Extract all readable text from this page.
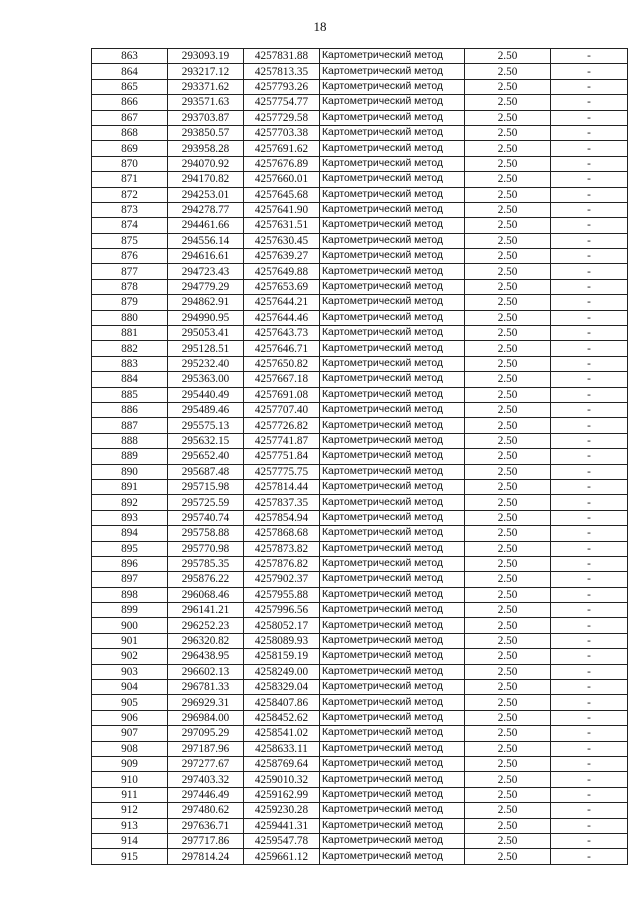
18
863	293093.19	4257831.88	Картометрический метод	2.50	-
864	293217.12	4257813.35	Картометрический метод	2.50	-
865	293371.62	4257793.26	Картометрический метод	2.50	-
866	293571.63	4257754.77	Картометрический метод	2.50	-
867	293703.87	4257729.58	Картометрический метод	2.50	-
868	293850.57	4257703.38	Картометрический метод	2.50	-
869	293958.28	4257691.62	Картометрический метод	2.50	-
870	294070.92	4257676.89	Картометрический метод	2.50	-
871	294170.82	4257660.01	Картометрический метод	2.50	-
872	294253.01	4257645.68	Картометрический метод	2.50	-
873	294278.77	4257641.90	Картометрический метод	2.50	-
874	294461.66	4257631.51	Картометрический метод	2.50	-
875	294556.14	4257630.45	Картометрический метод	2.50	-
876	294616.61	4257639.27	Картометрический метод	2.50	-
877	294723.43	4257649.88	Картометрический метод	2.50	-
878	294779.29	4257653.69	Картометрический метод	2.50	-
879	294862.91	4257644.21	Картометрический метод	2.50	-
880	294990.95	4257644.46	Картометрический метод	2.50	-
881	295053.41	4257643.73	Картометрический метод	2.50	-
882	295128.51	4257646.71	Картометрический метод	2.50	-
883	295232.40	4257650.82	Картометрический метод	2.50	-
884	295363.00	4257667.18	Картометрический метод	2.50	-
885	295440.49	4257691.08	Картометрический метод	2.50	-
886	295489.46	4257707.40	Картометрический метод	2.50	-
887	295575.13	4257726.82	Картометрический метод	2.50	-
888	295632.15	4257741.87	Картометрический метод	2.50	-
889	295652.40	4257751.84	Картометрический метод	2.50	-
890	295687.48	4257775.75	Картометрический метод	2.50	-
891	295715.98	4257814.44	Картометрический метод	2.50	-
892	295725.59	4257837.35	Картометрический метод	2.50	-
893	295740.74	4257854.94	Картометрический метод	2.50	-
894	295758.88	4257868.68	Картометрический метод	2.50	-
895	295770.98	4257873.82	Картометрический метод	2.50	-
896	295785.35	4257876.82	Картометрический метод	2.50	-
897	295876.22	4257902.37	Картометрический метод	2.50	-
898	296068.46	4257955.88	Картометрический метод	2.50	-
899	296141.21	4257996.56	Картометрический метод	2.50	-
900	296252.23	4258052.17	Картометрический метод	2.50	-
901	296320.82	4258089.93	Картометрический метод	2.50	-
902	296438.95	4258159.19	Картометрический метод	2.50	-
903	296602.13	4258249.00	Картометрический метод	2.50	-
904	296781.33	4258329.04	Картометрический метод	2.50	-
905	296929.31	4258407.86	Картометрический метод	2.50	-
906	296984.00	4258452.62	Картометрический метод	2.50	-
907	297095.29	4258541.02	Картометрический метод	2.50	-
908	297187.96	4258633.11	Картометрический метод	2.50	-
909	297277.67	4258769.64	Картометрический метод	2.50	-
910	297403.32	4259010.32	Картометрический метод	2.50	-
911	297446.49	4259162.99	Картометрический метод	2.50	-
912	297480.62	4259230.28	Картометрический метод	2.50	-
913	297636.71	4259441.31	Картометрический метод	2.50	-
914	297717.86	4259547.78	Картометрический метод	2.50	-
915	297814.24	4259661.12	Картометрический метод	2.50	-
